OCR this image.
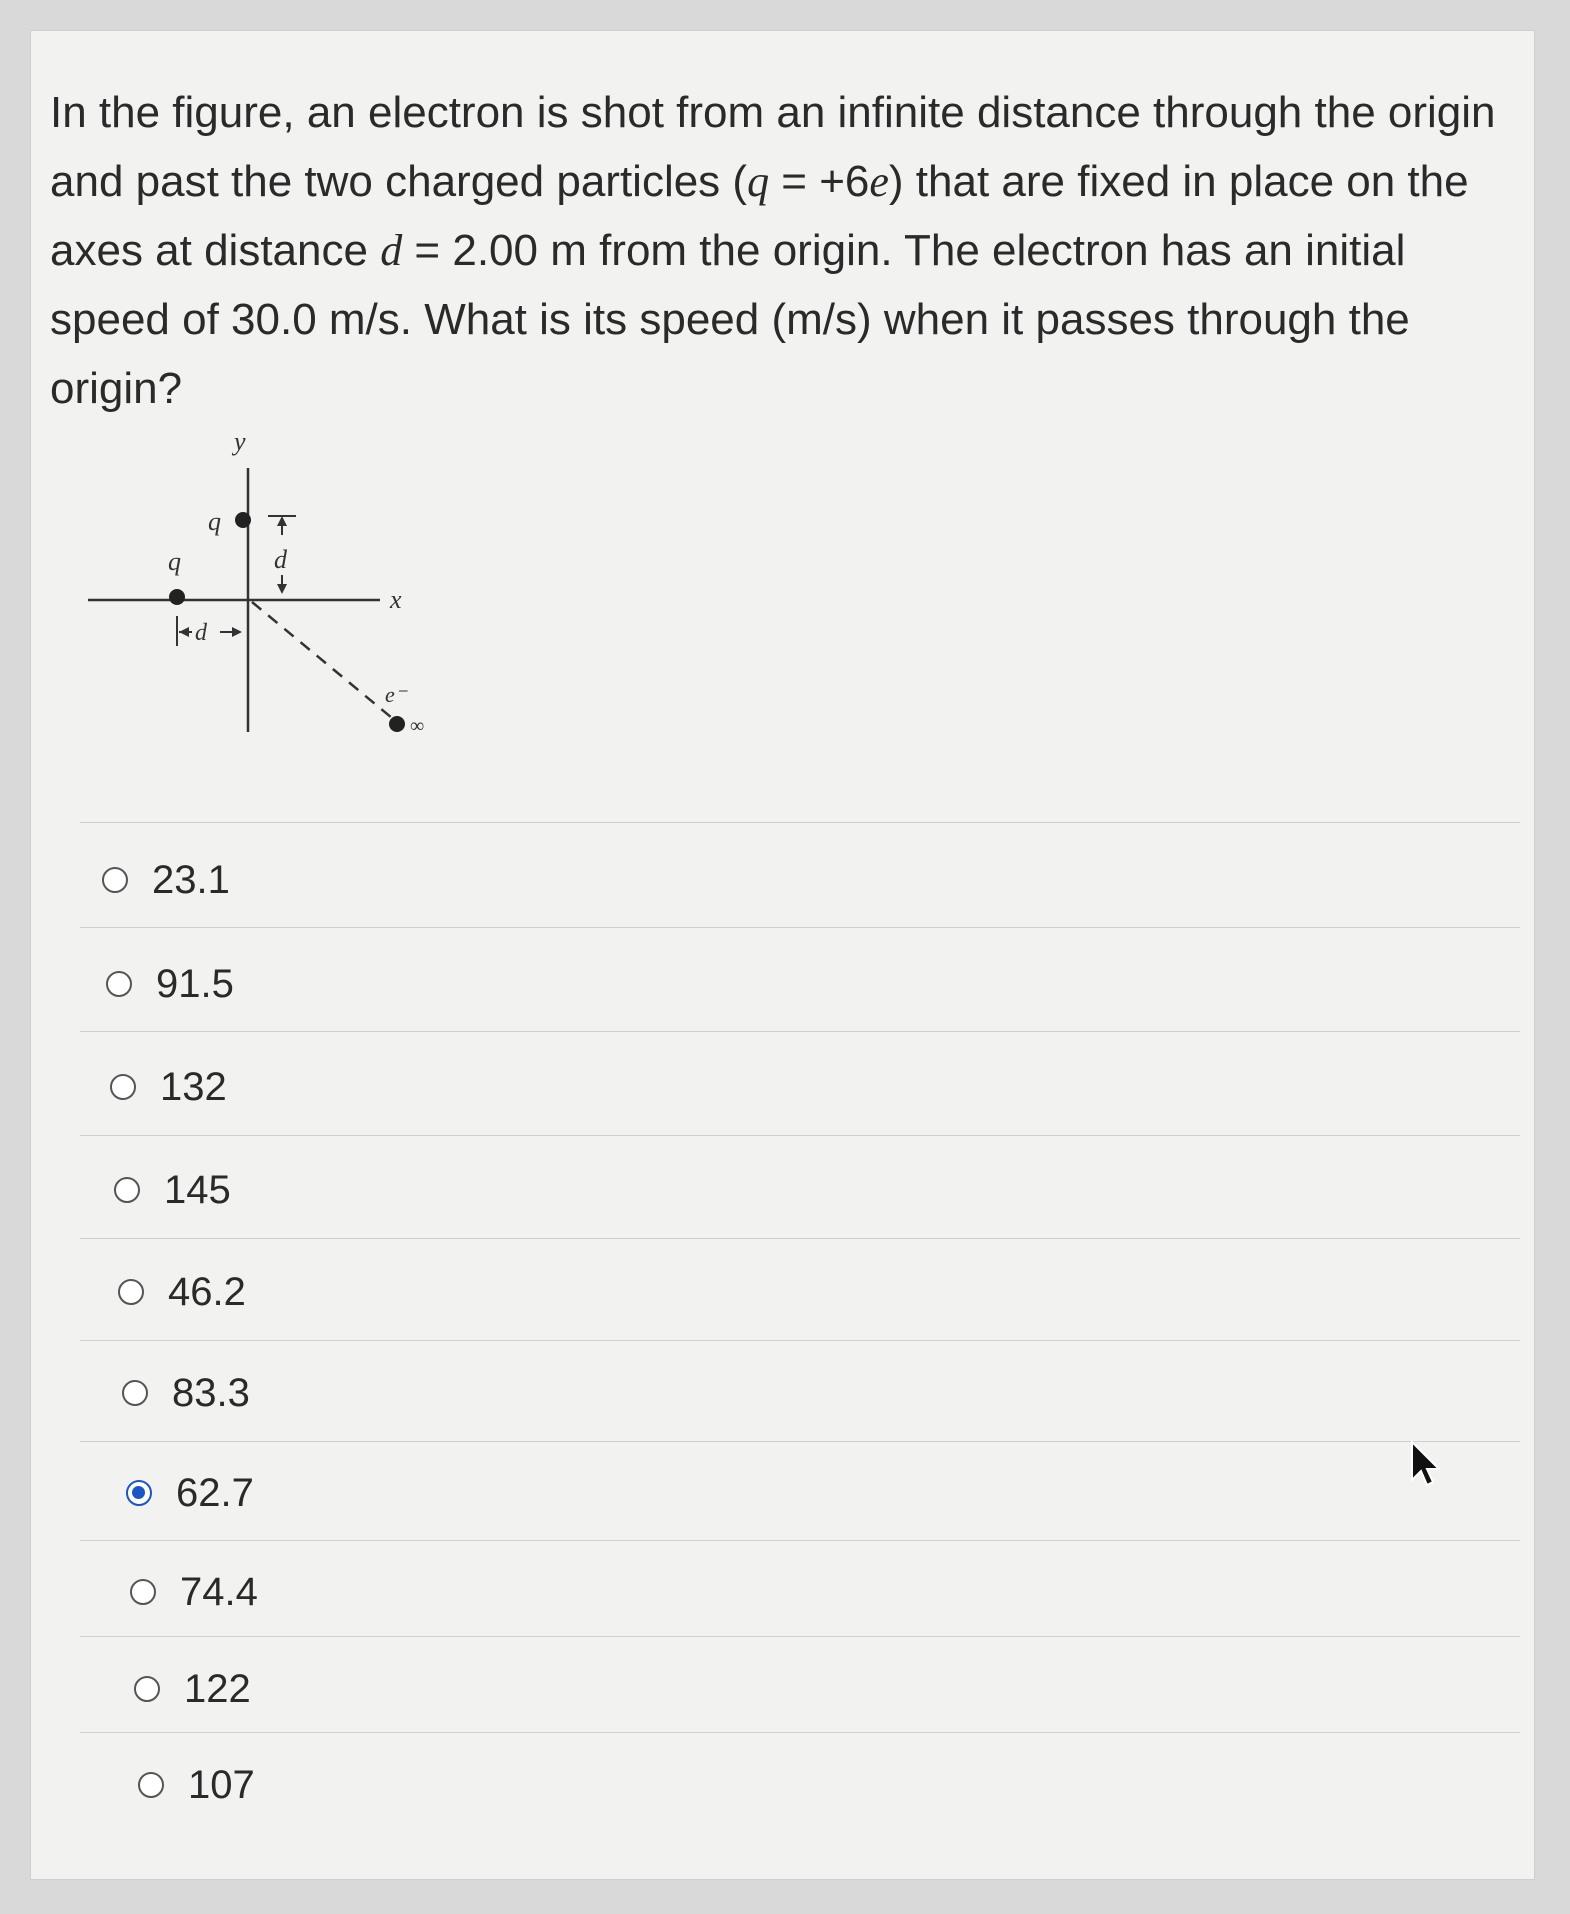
In the figure, an electron is shot from an infinite distance through the origin and past the two charged particles (q = +6e) that are fixed in place on the axes at distance d = 2.00 m from the origin. The electron has an initial speed of 30.0 m/s. What is its speed (m/s) when it passes through the origin?
y
x
q
q	d
d
e⁻
∞
23.1
91.5
132
145
46.2
83.3
62.7
74.4
122
107
